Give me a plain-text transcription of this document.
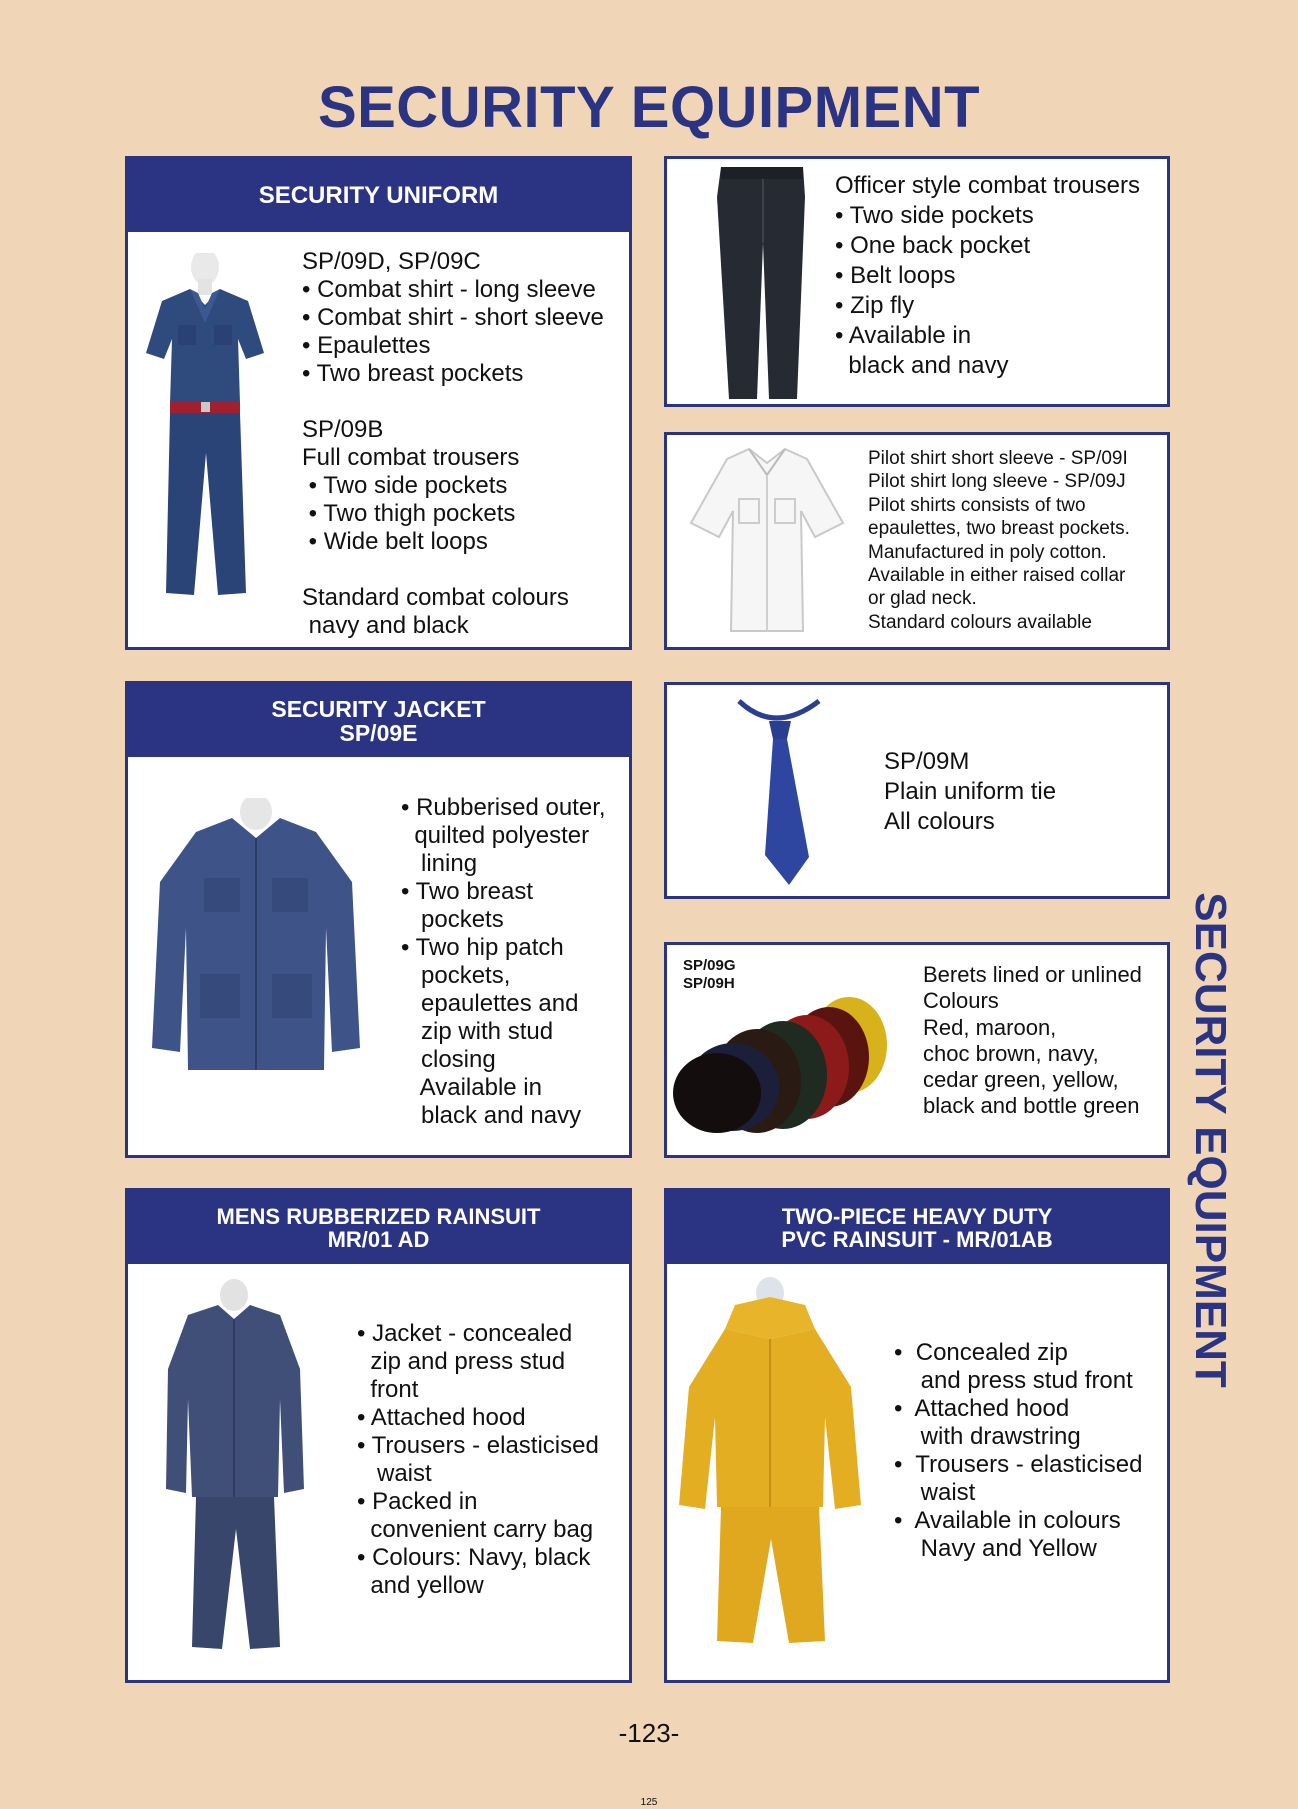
SECURITY EQUIPMENT
SECURITY EQUIPMENT
SECURITY UNIFORM
SP/09D, SP/09C
• Combat shirt - long sleeve
• Combat shirt - short sleeve
• Epaulettes
• Two breast pockets

SP/09B
Full combat trousers
• Two side pockets
• Two thigh pockets
• Wide belt loops

Standard combat colours
navy and black
Officer style combat trousers
• Two side pockets
• One back pocket
• Belt loops
• Zip fly
• Available in
black and navy
Pilot shirt short sleeve - SP/09I
Pilot shirt long sleeve - SP/09J
Pilot shirts consists of two
epaulettes, two breast pockets.
Manufactured in poly cotton.
Available in either raised collar
or glad neck.
Standard colours available
SECURITY JACKET
SP/09E
• Rubberised outer,
quilted polyester
lining
• Two breast
pockets
• Two hip patch
pockets,
epaulettes and
zip with stud
closing
Available in
black and navy
SP/09M
Plain uniform tie
All colours
SP/09G
SP/09H	Berets lined or unlined
Colours
Red, maroon,
choc brown, navy,
cedar green, yellow,
black and bottle green
MENS RUBBERIZED RAINSUIT
MR/01 AD
• Jacket - concealed
zip and press stud
front
• Attached hood
• Trousers - elasticised
waist
• Packed in
convenient carry bag
• Colours: Navy, black
and yellow
TWO-PIECE HEAVY DUTY
PVC RAINSUIT - MR/01AB
•  Concealed zip
and press stud front
•  Attached hood
with drawstring
•  Trousers - elasticised
waist
•  Available in colours
Navy and Yellow
-123-
125
